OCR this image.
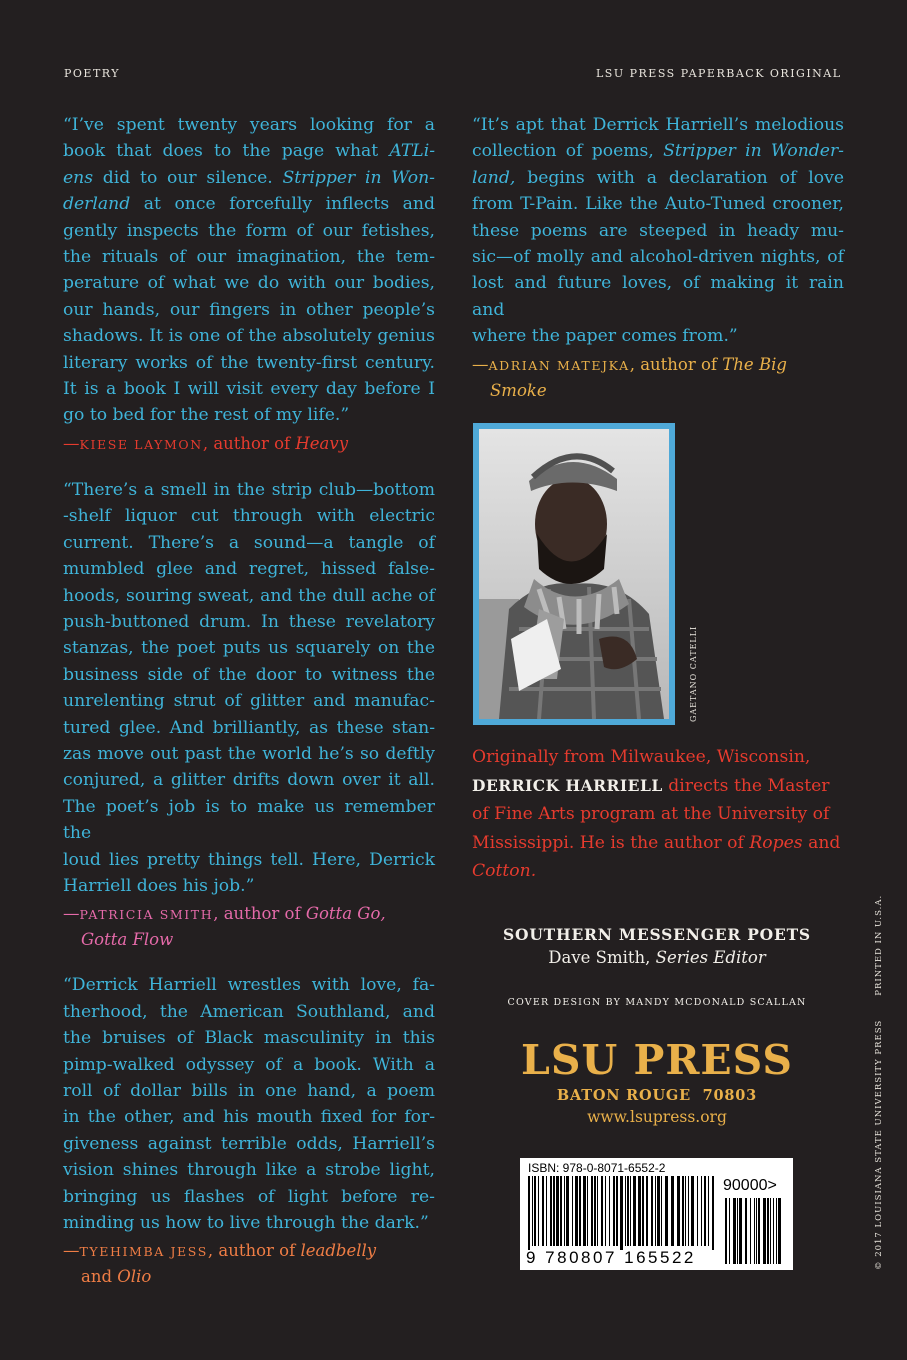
POETRY	LSU PRESS PAPERBACK ORIGINAL
“I’ve spent twenty years looking for a
book that does to the page what ATLi-
ens did to our silence. Stripper in Won-
derland at once forcefully inflects and
gently inspects the form of our fetishes,
the rituals of our imagination, the tem-
perature of what we do with our bodies,
our hands, our fingers in other people’s
shadows. It is one of the absolutely genius
literary works of the twenty-first century.
It is a book I will visit every day before I
go to bed for the rest of my life.”
—KIESE LAYMON, author of Heavy
“There’s a smell in the strip club—bottom
-shelf liquor cut through with electric
current. There’s a sound—a tangle of
mumbled glee and regret, hissed false-
hoods, souring sweat, and the dull ache of
push-buttoned drum. In these revelatory
stanzas, the poet puts us squarely on the
business side of the door to witness the
unrelenting strut of glitter and manufac-
tured glee. And brilliantly, as these stan-
zas move out past the world he’s so deftly
conjured, a glitter drifts down over it all.
The poet’s job is to make us remember the
loud lies pretty things tell. Here, Derrick
Harriell does his job.”
—PATRICIA SMITH, author of Gotta Go, Gotta Flow
“Derrick Harriell wrestles with love, fa-
therhood, the American Southland, and
the bruises of Black masculinity in this
pimp-walked odyssey of a book. With a
roll of dollar bills in one hand, a poem
in the other, and his mouth fixed for for-
giveness against terrible odds, Harriell’s
vision shines through like a strobe light,
bringing us flashes of light before re-
minding us how to live through the dark.”
—TYEHIMBA JESS, author of leadbelly
and Olio
“It’s apt that Derrick Harriell’s melodious
collection of poems, Stripper in Wonder-
land, begins with a declaration of love
from T-Pain. Like the Auto-Tuned crooner,
these poems are steeped in heady mu-
sic—of molly and alcohol-driven nights, of
lost and future loves, of making it rain and
where the paper comes from.”
—ADRIAN MATEJKA, author of The Big Smoke
GAETANO CATELLI

Originally from Milwaukee, Wisconsin, DERRICK HARRIELL directs the Master of Fine Arts program at the University of Mississippi. He is the author of Ropes and Cotton.

SOUTHERN MESSENGER POETS
Dave Smith, Series Editor
COVER DESIGN BY MANDY MCDONALD SCALLAN
LSU PRESS
BATON ROUGE  70803
www.lsupress.org
ISBN: 978-0-8071-6552-2
90000>
9 780807 165522	© 2017 LOUISIANA STATE UNIVERSITY PRESSPRINTED IN U.S.A.
